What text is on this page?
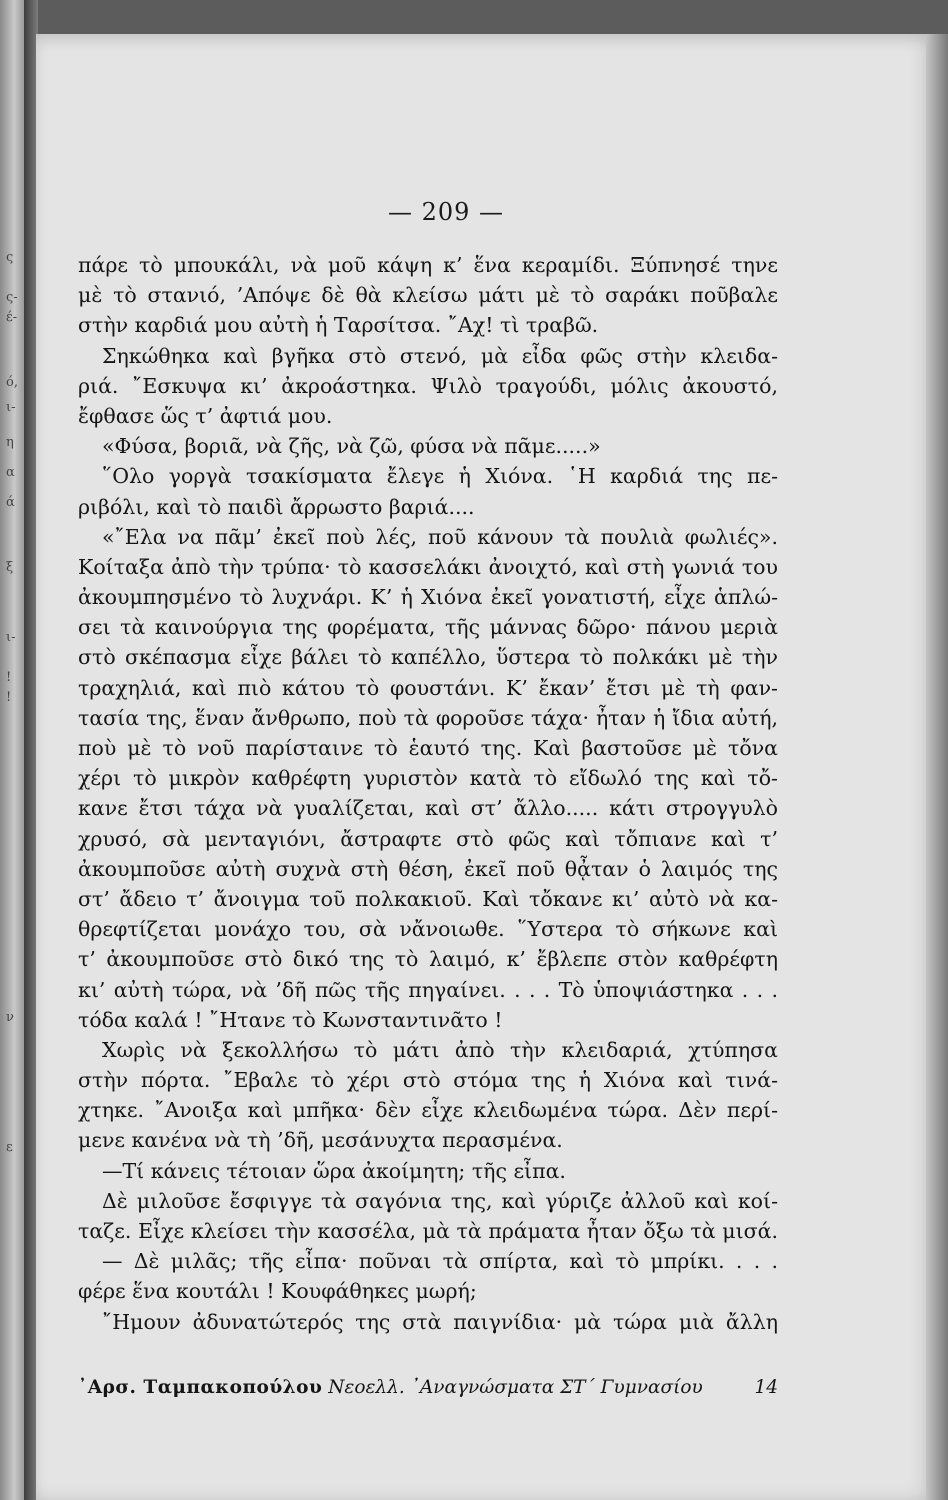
ς
ς-
έ-
ό,
ι-
η
α
ά
ξ
ι-
!
!
ν
ε
— 209 —
πάρε τὸ μπουκάλι, νὰ μοῦ κάψη κ’ ἕνα κεραμίδι. Ξύπνησέ τηνε
μὲ τὸ στανιό, ’Απόψε δὲ θὰ κλείσω μάτι μὲ τὸ σαράκι ποῦβαλε
στὴν καρδιά μου αὐτὴ ἡ Ταρσίτσα. ῎Αχ! τὶ τραβῶ.
Σηκώθηκα καὶ βγῆκα στὸ στενό, μὰ εἶδα φῶς στὴν κλειδα-
ριά. ῎Εσκυψα κι’ ἀκροάστηκα. Ψιλὸ τραγούδι, μόλις ἀκουστό,
ἔφθασε ὥς τ’ ἀφτιά μου.
«Φύσα, βοριᾶ, νὰ ζῆς, νὰ ζῶ, φύσα νὰ πᾶμε.....»
῞Ολο γοργὰ τσακίσματα ἔλεγε ἡ Χιόνα. ῾Η καρδιά της πε-
ριβόλι, καὶ τὸ παιδὶ ἄρρωστο βαριά....
«῎Ελα να πᾶμ’ ἐκεῖ ποὺ λές, ποῦ κάνουν τὰ πουλιὰ φωλιές».
Κοίταξα ἀπὸ τὴν τρύπα· τὸ κασσελάκι ἀνοιχτό, καὶ στὴ γωνιά του
ἀκουμπησμένο τὸ λυχνάρι. Κ’ ἡ Χιόνα ἐκεῖ γονατιστή, εἶχε ἁπλώ-
σει τὰ καινούργια της φορέματα, τῆς μάννας δῶρο· πάνου μεριὰ
στὸ σκέπασμα εἶχε βάλει τὸ καπέλλο, ὕστερα τὸ πολκάκι μὲ τὴν
τραχηλιά, καὶ πιὸ κάτου τὸ φουστάνι. Κ’ ἔκαν’ ἔτσι μὲ τὴ φαν-
τασία της, ἕναν ἄνθρωπο, ποὺ τὰ φοροῦσε τάχα· ἦταν ἡ ἴδια αὐτή,
ποὺ μὲ τὸ νοῦ παρίσταινε τὸ ἑαυτό της. Καὶ βαστοῦσε μὲ τὄνα
χέρι τὸ μικρὸν καθρέφτη γυριστὸν κατὰ τὸ εἴδωλό της καὶ τὄ-
κανε ἔτσι τάχα νὰ γυαλίζεται, καὶ στ’ ἄλλο..... κάτι στρογγυλὸ
χρυσό, σὰ μενταγιόνι, ἄστραφτε στὸ φῶς καὶ τὄπιανε καὶ τ’
ἀκουμποῦσε αὐτὴ συχνὰ στὴ θέση, ἐκεῖ ποῦ θᾆταν ὁ λαιμός της
στ’ ἄδειο τ’ ἄνοιγμα τοῦ πολκακιοῦ. Καὶ τὄκανε κι’ αὐτὸ νὰ κα-
θρεφτίζεται μονάχο του, σὰ νἄνοιωθε. ῞Υστερα τὸ σήκωνε καὶ
τ’ ἀκουμποῦσε στὸ δικό της τὸ λαιμό, κ’ ἔβλεπε στὸν καθρέφτη
κι’ αὐτὴ τώρα, νὰ ’δῆ πῶς τῆς πηγαίνει. . . . Τὸ ὑποψιάστηκα . . .
τόδα καλά ! ῎Ητανε τὸ Κωνσταντινᾶτο !
Χωρὶς νὰ ξεκολλήσω τὸ μάτι ἀπὸ τὴν κλειδαριά, χτύπησα
στὴν πόρτα. ῎Εβαλε τὸ χέρι στὸ στόμα της ἡ Χιόνα καὶ τινά-
χτηκε. ῎Ανοιξα καὶ μπῆκα· δὲν εἶχε κλειδωμένα τώρα. Δὲν περί-
μενε κανένα νὰ τὴ ’δῆ, μεσάνυχτα περασμένα.
—Τί κάνεις τέτοιαν ὥρα ἀκοίμητη; τῆς εἶπα.
Δὲ μιλοῦσε ἔσφιγγε τὰ σαγόνια της, καὶ γύριζε ἀλλοῦ καὶ κοί-
ταζε. Εἶχε κλείσει τὴν κασσέλα, μὰ τὰ πράματα ἦταν ὄξω τὰ μισά.
— Δὲ μιλᾶς; τῆς εἶπα· ποῦναι τὰ σπίρτα, καὶ τὸ μπρίκι. . . .
φέρε ἕνα κουτάλι ! Κουφάθηκες μωρή;
῎Ημουν ἀδυνατώτερός της στὰ παιγνίδια· μὰ τώρα μιὰ ἄλλη
᾿Αρσ. Ταμπακοπούλου Νεοελλ. ᾿Αναγνώσματα ΣΤ΄ Γυμνασίου	14
